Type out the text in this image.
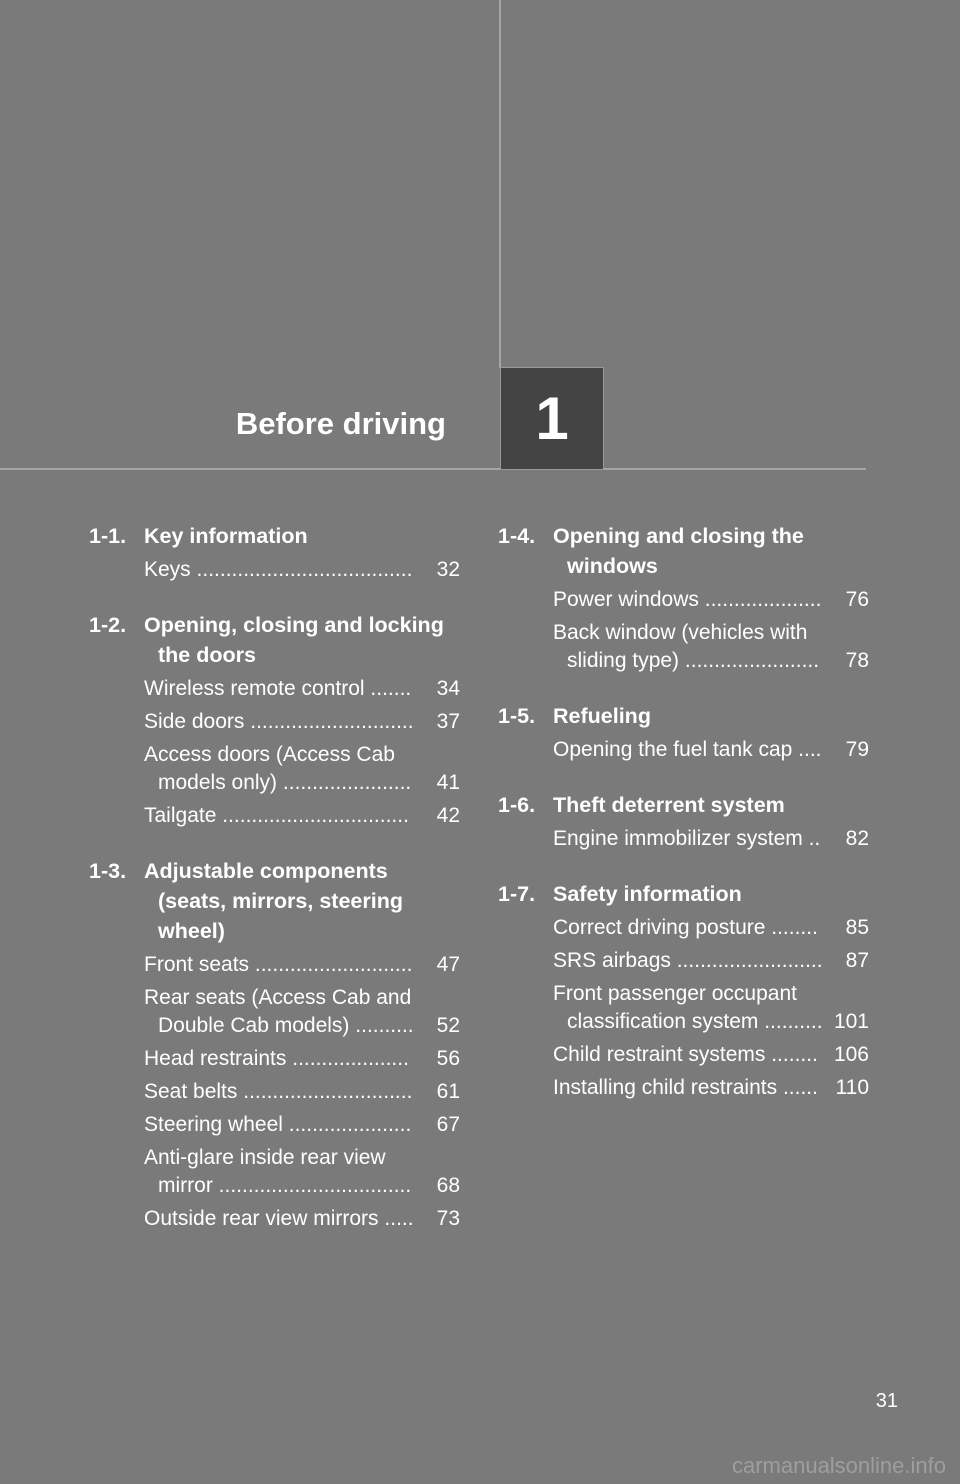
Before driving 1
1-1. Key information
Keys .....................................	32
1-2. Opening, closing and locking the doors
Wireless remote control .......	34
Side doors ............................	37
Access doors (Access Cab models only) ......................	41
Tailgate ................................	42
1-3. Adjustable components (seats, mirrors, steering wheel)
Front seats ...........................	47
Rear seats (Access Cab and Double Cab models) ..........	52
Head restraints ....................	56
Seat belts .............................	61
Steering wheel .....................	67
Anti-glare inside rear view mirror .................................	68
Outside rear view mirrors .....	73
1-4. Opening and closing the windows
Power windows ....................	76
Back window (vehicles with sliding type) .......................	78
1-5. Refueling
Opening the fuel tank cap ....	79
1-6. Theft deterrent system
Engine immobilizer system ..	82
1-7. Safety information
Correct driving posture ........	85
SRS airbags .........................	87
Front passenger occupant classification system .......... 101
Child restraint systems ........ 106
Installing child restraints ...... 110
31
carmanualsonline.info
